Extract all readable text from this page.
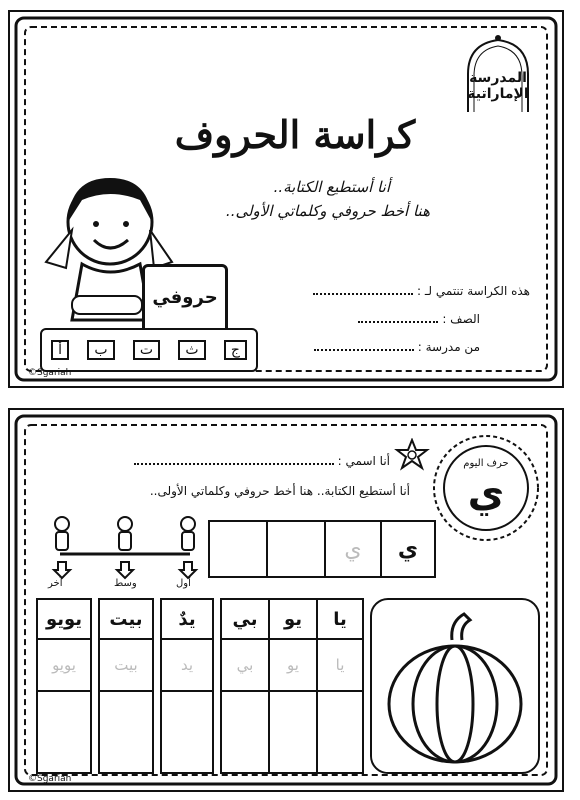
المدرسة الإماراتية
كراسة الحروف
أنا أستطيع الكتابة..
هنا أخط حروفي وكلماتي الأولى..
حروفي
ج
ث
ت
ب
أ
هذه الكراسة تنتمي لـ :
الصف :
من مدرسة :
©Sgariah
أنا اسمي :	حرف اليوم
ي
أنا أستطيع الكتابة.. هنا أخط حروفي وكلماتي الأولى..
ي
ي
آخر	وسط	أول
يا
يا
يو
يو
بي
بي
يدٌ
يد
بيت
بيت
يويو
يويو
©Sgariah
